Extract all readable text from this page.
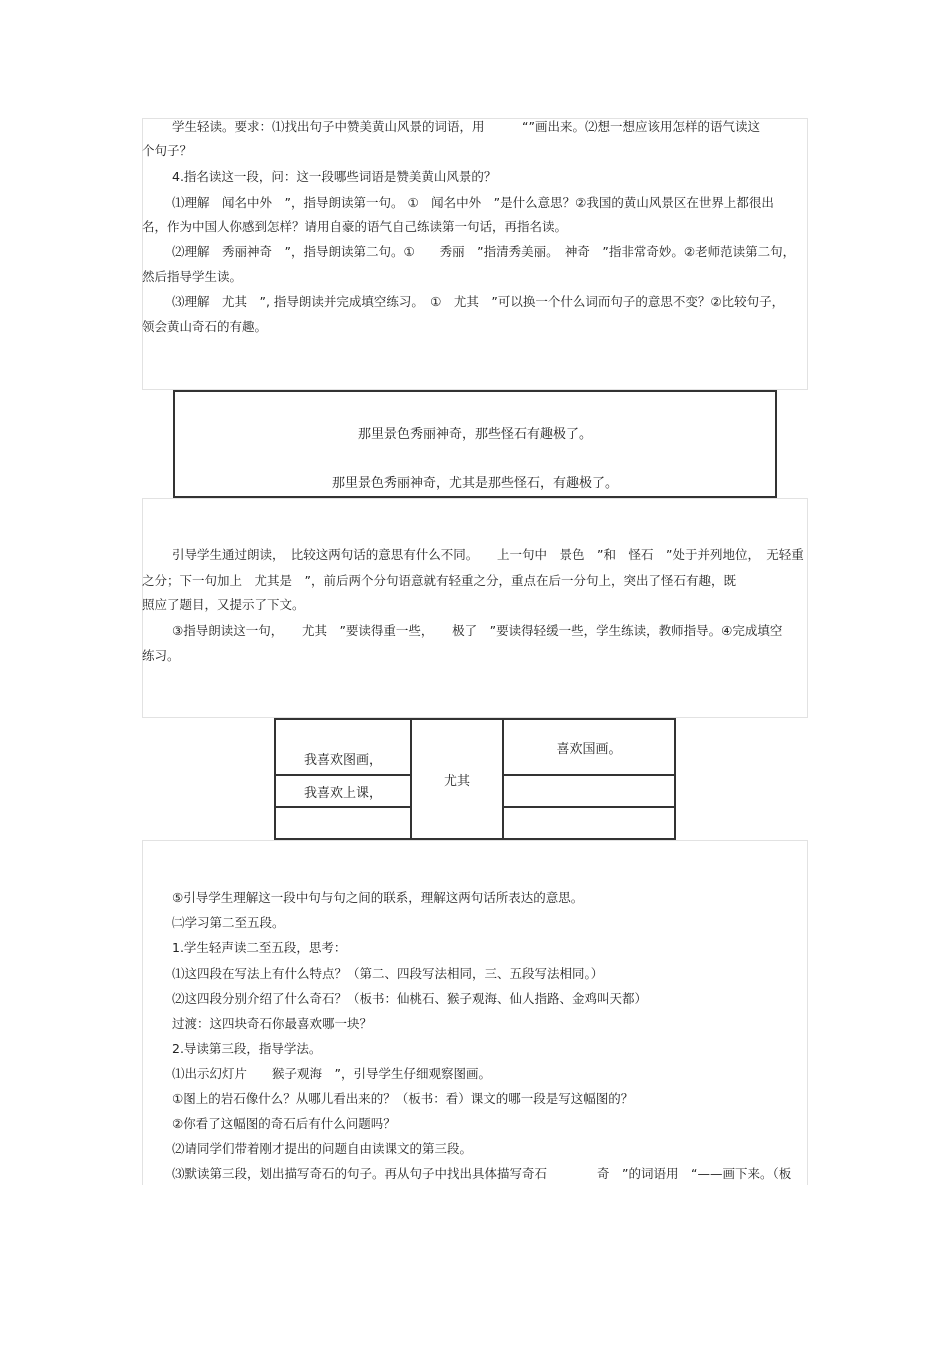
学生轻读。要求：⑴找出句子中赞美黄山风景的词语，用　　　“”画出来。⑵想一想应该用怎样的语气读这
个句子？
4.指名读这一段，问：这一段哪些词语是赞美黄山风景的？
⑴理解　闻名中外　”，指导朗读第一句。 ①　闻名中外　”是什么意思？②我国的黄山风景区在世界上都很出
名，作为中国人你感到怎样？请用自豪的语气自己练读第一句话，再指名读。
⑵理解　秀丽神奇　”，指导朗读第二句。①　　秀丽　”指清秀美丽。　神奇　”指非常奇妙。②老师范读第二句，
然后指导学生读。
⑶理解　尤其　”, 指导朗读并完成填空练习。　①　尤其　”可以换一个什么词而句子的意思不变？②比较句子，
领会黄山奇石的有趣。
那里景色秀丽神奇，那些怪石有趣极了。
那里景色秀丽神奇，尤其是那些怪石，有趣极了。
引导学生通过朗读，　比较这两句话的意思有什么不同。　　上一句中　景色　”和　怪石　”处于并列地位，　无轻重
之分；下一句加上　尤其是　”，前后两个分句语意就有轻重之分，重点在后一分句上，突出了怪石有趣，既
照应了题目，又提示了下文。
③指导朗读这一句，　　尤其　”要读得重一些，　　极了　”要读得轻缓一些，学生练读，教师指导。④完成填空
练习。
我喜欢图画，	尤其	喜欢国画。
我喜欢上课，		

⑤引导学生理解这一段中句与句之间的联系，理解这两句话所表达的意思。
㈡学习第二至五段。
1.学生轻声读二至五段，思考：
⑴这四段在写法上有什么特点？（第二、四段写法相同，三、五段写法相同。）
⑵这四段分别介绍了什么奇石？（板书：仙桃石、猴子观海、仙人指路、金鸡叫天都）
过渡：这四块奇石你最喜欢哪一块？
2.导读第三段，指导学法。
⑴出示幻灯片　　猴子观海　”，引导学生仔细观察图画。
①图上的岩石像什么？从哪儿看出来的？（板书：看）课文的哪一段是写这幅图的？
②你看了这幅图的奇石后有什么问题吗？
⑵请同学们带着刚才提出的问题自由读课文的第三段。
⑶默读第三段，划出描写奇石的句子。再从句子中找出具体描写奇石　　　　奇　”的词语用　“——画下来。（板
